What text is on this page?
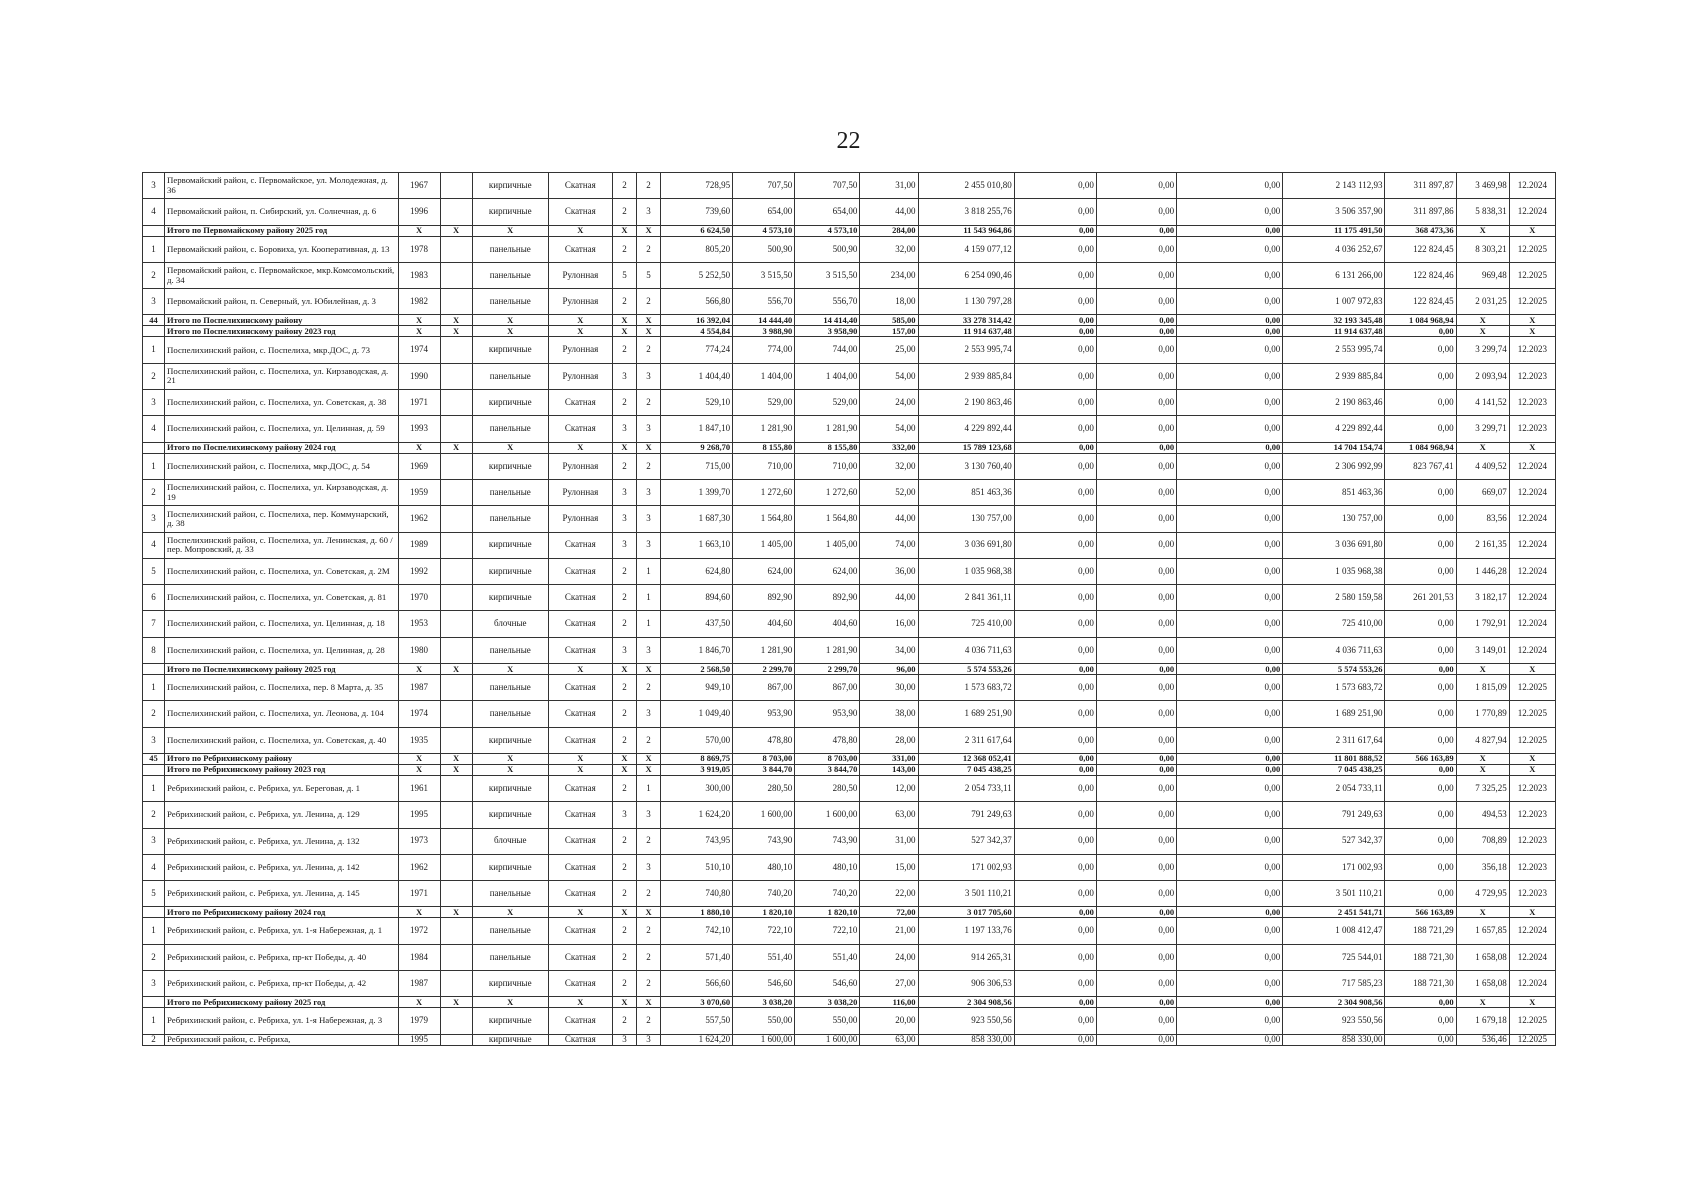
22
3	Первомайский район, с. Первомайское, ул. Молодежная, д. 36	1967		кирпичные	Скатная	2	2	728,95	707,50	707,50	31,00	2 455 010,80	0,00	0,00	0,00	2 143 112,93	311 897,87	3 469,98	12.2024
4	Первомайский район, п. Сибирский, ул. Солнечная, д. 6	1996		кирпичные	Скатная	2	3	739,60	654,00	654,00	44,00	3 818 255,76	0,00	0,00	0,00	3 506 357,90	311 897,86	5 838,31	12.2024
	Итого по Первомайскому району 2025 год	X	X	X	X	X	X	6 624,50	4 573,10	4 573,10	284,00	11 543 964,86	0,00	0,00	0,00	11 175 491,50	368 473,36	X	X
1	Первомайский район, с. Боровиха, ул. Кооперативная, д. 13	1978		панельные	Скатная	2	2	805,20	500,90	500,90	32,00	4 159 077,12	0,00	0,00	0,00	4 036 252,67	122 824,45	8 303,21	12.2025
2	Первомайский район, с. Первомайское, мкр.Комсомольский, д. 34	1983		панельные	Рулонная	5	5	5 252,50	3 515,50	3 515,50	234,00	6 254 090,46	0,00	0,00	0,00	6 131 266,00	122 824,46	969,48	12.2025
3	Первомайский район, п. Северный, ул. Юбилейная, д. 3	1982		панельные	Рулонная	2	2	566,80	556,70	556,70	18,00	1 130 797,28	0,00	0,00	0,00	1 007 972,83	122 824,45	2 031,25	12.2025
44	Итого по Поспелихинскому району	X	X	X	X	X	X	16 392,04	14 444,40	14 414,40	585,00	33 278 314,42	0,00	0,00	0,00	32 193 345,48	1 084 968,94	X	X
	Итого по Поспелихинскому району 2023 год	X	X	X	X	X	X	4 554,84	3 988,90	3 958,90	157,00	11 914 637,48	0,00	0,00	0,00	11 914 637,48	0,00	X	X
1	Поспелихинский район, с. Поспелиха, мкр.ДОС, д. 73	1974		кирпичные	Рулонная	2	2	774,24	774,00	744,00	25,00	2 553 995,74	0,00	0,00	0,00	2 553 995,74	0,00	3 299,74	12.2023
2	Поспелихинский район, с. Поспелиха, ул. Кирзаводская, д. 21	1990		панельные	Рулонная	3	3	1 404,40	1 404,00	1 404,00	54,00	2 939 885,84	0,00	0,00	0,00	2 939 885,84	0,00	2 093,94	12.2023
3	Поспелихинский район, с. Поспелиха, ул. Советская, д. 38	1971		кирпичные	Скатная	2	2	529,10	529,00	529,00	24,00	2 190 863,46	0,00	0,00	0,00	2 190 863,46	0,00	4 141,52	12.2023
4	Поспелихинский район, с. Поспелиха, ул. Целинная, д. 59	1993		панельные	Скатная	3	3	1 847,10	1 281,90	1 281,90	54,00	4 229 892,44	0,00	0,00	0,00	4 229 892,44	0,00	3 299,71	12.2023
	Итого по Поспелихинскому району 2024 год	X	X	X	X	X	X	9 268,70	8 155,80	8 155,80	332,00	15 789 123,68	0,00	0,00	0,00	14 704 154,74	1 084 968,94	X	X
1	Поспелихинский район, с. Поспелиха, мкр.ДОС, д. 54	1969		кирпичные	Рулонная	2	2	715,00	710,00	710,00	32,00	3 130 760,40	0,00	0,00	0,00	2 306 992,99	823 767,41	4 409,52	12.2024
2	Поспелихинский район, с. Поспелиха, ул. Кирзаводская, д. 19	1959		панельные	Рулонная	3	3	1 399,70	1 272,60	1 272,60	52,00	851 463,36	0,00	0,00	0,00	851 463,36	0,00	669,07	12.2024
3	Поспелихинский район, с. Поспелиха, пер. Коммунарский, д. 38	1962		панельные	Рулонная	3	3	1 687,30	1 564,80	1 564,80	44,00	130 757,00	0,00	0,00	0,00	130 757,00	0,00	83,56	12.2024
4	Поспелихинский район, с. Поспелиха, ул. Ленинская, д. 60 / пер. Мопровский, д. 33	1989		кирпичные	Скатная	3	3	1 663,10	1 405,00	1 405,00	74,00	3 036 691,80	0,00	0,00	0,00	3 036 691,80	0,00	2 161,35	12.2024
5	Поспелихинский район, с. Поспелиха, ул. Советская, д. 2М	1992		кирпичные	Скатная	2	1	624,80	624,00	624,00	36,00	1 035 968,38	0,00	0,00	0,00	1 035 968,38	0,00	1 446,28	12.2024
6	Поспелихинский район, с. Поспелиха, ул. Советская, д. 81	1970		кирпичные	Скатная	2	1	894,60	892,90	892,90	44,00	2 841 361,11	0,00	0,00	0,00	2 580 159,58	261 201,53	3 182,17	12.2024
7	Поспелихинский район, с. Поспелиха, ул. Целинная, д. 18	1953		блочные	Скатная	2	1	437,50	404,60	404,60	16,00	725 410,00	0,00	0,00	0,00	725 410,00	0,00	1 792,91	12.2024
8	Поспелихинский район, с. Поспелиха, ул. Целинная, д. 28	1980		панельные	Скатная	3	3	1 846,70	1 281,90	1 281,90	34,00	4 036 711,63	0,00	0,00	0,00	4 036 711,63	0,00	3 149,01	12.2024
	Итого по Поспелихинскому району 2025 год	X	X	X	X	X	X	2 568,50	2 299,70	2 299,70	96,00	5 574 553,26	0,00	0,00	0,00	5 574 553,26	0,00	X	X
1	Поспелихинский район, с. Поспелиха, пер. 8 Марта, д. 35	1987		панельные	Скатная	2	2	949,10	867,00	867,00	30,00	1 573 683,72	0,00	0,00	0,00	1 573 683,72	0,00	1 815,09	12.2025
2	Поспелихинский район, с. Поспелиха, ул. Леонова, д. 104	1974		панельные	Скатная	2	3	1 049,40	953,90	953,90	38,00	1 689 251,90	0,00	0,00	0,00	1 689 251,90	0,00	1 770,89	12.2025
3	Поспелихинский район, с. Поспелиха, ул. Советская, д. 40	1935		кирпичные	Скатная	2	2	570,00	478,80	478,80	28,00	2 311 617,64	0,00	0,00	0,00	2 311 617,64	0,00	4 827,94	12.2025
45	Итого по Ребрихинскому району	X	X	X	X	X	X	8 869,75	8 703,00	8 703,00	331,00	12 368 052,41	0,00	0,00	0,00	11 801 888,52	566 163,89	X	X
	Итого по Ребрихинскому району 2023 год	X	X	X	X	X	X	3 919,05	3 844,70	3 844,70	143,00	7 045 438,25	0,00	0,00	0,00	7 045 438,25	0,00	X	X
1	Ребрихинский район, с. Ребриха, ул. Береговая, д. 1	1961		кирпичные	Скатная	2	1	300,00	280,50	280,50	12,00	2 054 733,11	0,00	0,00	0,00	2 054 733,11	0,00	7 325,25	12.2023
2	Ребрихинский район, с. Ребриха, ул. Ленина, д. 129	1995		кирпичные	Скатная	3	3	1 624,20	1 600,00	1 600,00	63,00	791 249,63	0,00	0,00	0,00	791 249,63	0,00	494,53	12.2023
3	Ребрихинский район, с. Ребриха, ул. Ленина, д. 132	1973		блочные	Скатная	2	2	743,95	743,90	743,90	31,00	527 342,37	0,00	0,00	0,00	527 342,37	0,00	708,89	12.2023
4	Ребрихинский район, с. Ребриха, ул. Ленина, д. 142	1962		кирпичные	Скатная	2	3	510,10	480,10	480,10	15,00	171 002,93	0,00	0,00	0,00	171 002,93	0,00	356,18	12.2023
5	Ребрихинский район, с. Ребриха, ул. Ленина, д. 145	1971		панельные	Скатная	2	2	740,80	740,20	740,20	22,00	3 501 110,21	0,00	0,00	0,00	3 501 110,21	0,00	4 729,95	12.2023
	Итого по Ребрихинскому району 2024 год	X	X	X	X	X	X	1 880,10	1 820,10	1 820,10	72,00	3 017 705,60	0,00	0,00	0,00	2 451 541,71	566 163,89	X	X
1	Ребрихинский район, с. Ребриха, ул. 1-я Набережная, д. 1	1972		панельные	Скатная	2	2	742,10	722,10	722,10	21,00	1 197 133,76	0,00	0,00	0,00	1 008 412,47	188 721,29	1 657,85	12.2024
2	Ребрихинский район, с. Ребриха, пр-кт Победы, д. 40	1984		панельные	Скатная	2	2	571,40	551,40	551,40	24,00	914 265,31	0,00	0,00	0,00	725 544,01	188 721,30	1 658,08	12.2024
3	Ребрихинский район, с. Ребриха, пр-кт Победы, д. 42	1987		кирпичные	Скатная	2	2	566,60	546,60	546,60	27,00	906 306,53	0,00	0,00	0,00	717 585,23	188 721,30	1 658,08	12.2024
	Итого по Ребрихинскому району 2025 год	X	X	X	X	X	X	3 070,60	3 038,20	3 038,20	116,00	2 304 908,56	0,00	0,00	0,00	2 304 908,56	0,00	X	X
1	Ребрихинский район, с. Ребриха, ул. 1-я Набережная, д. 3	1979		кирпичные	Скатная	2	2	557,50	550,00	550,00	20,00	923 550,56	0,00	0,00	0,00	923 550,56	0,00	1 679,18	12.2025
2	Ребрихинский район, с. Ребриха,	1995		кирпичные	Скатная	3	3	1 624,20	1 600,00	1 600,00	63,00	858 330,00	0,00	0,00	0,00	858 330,00	0,00	536,46	12.2025
